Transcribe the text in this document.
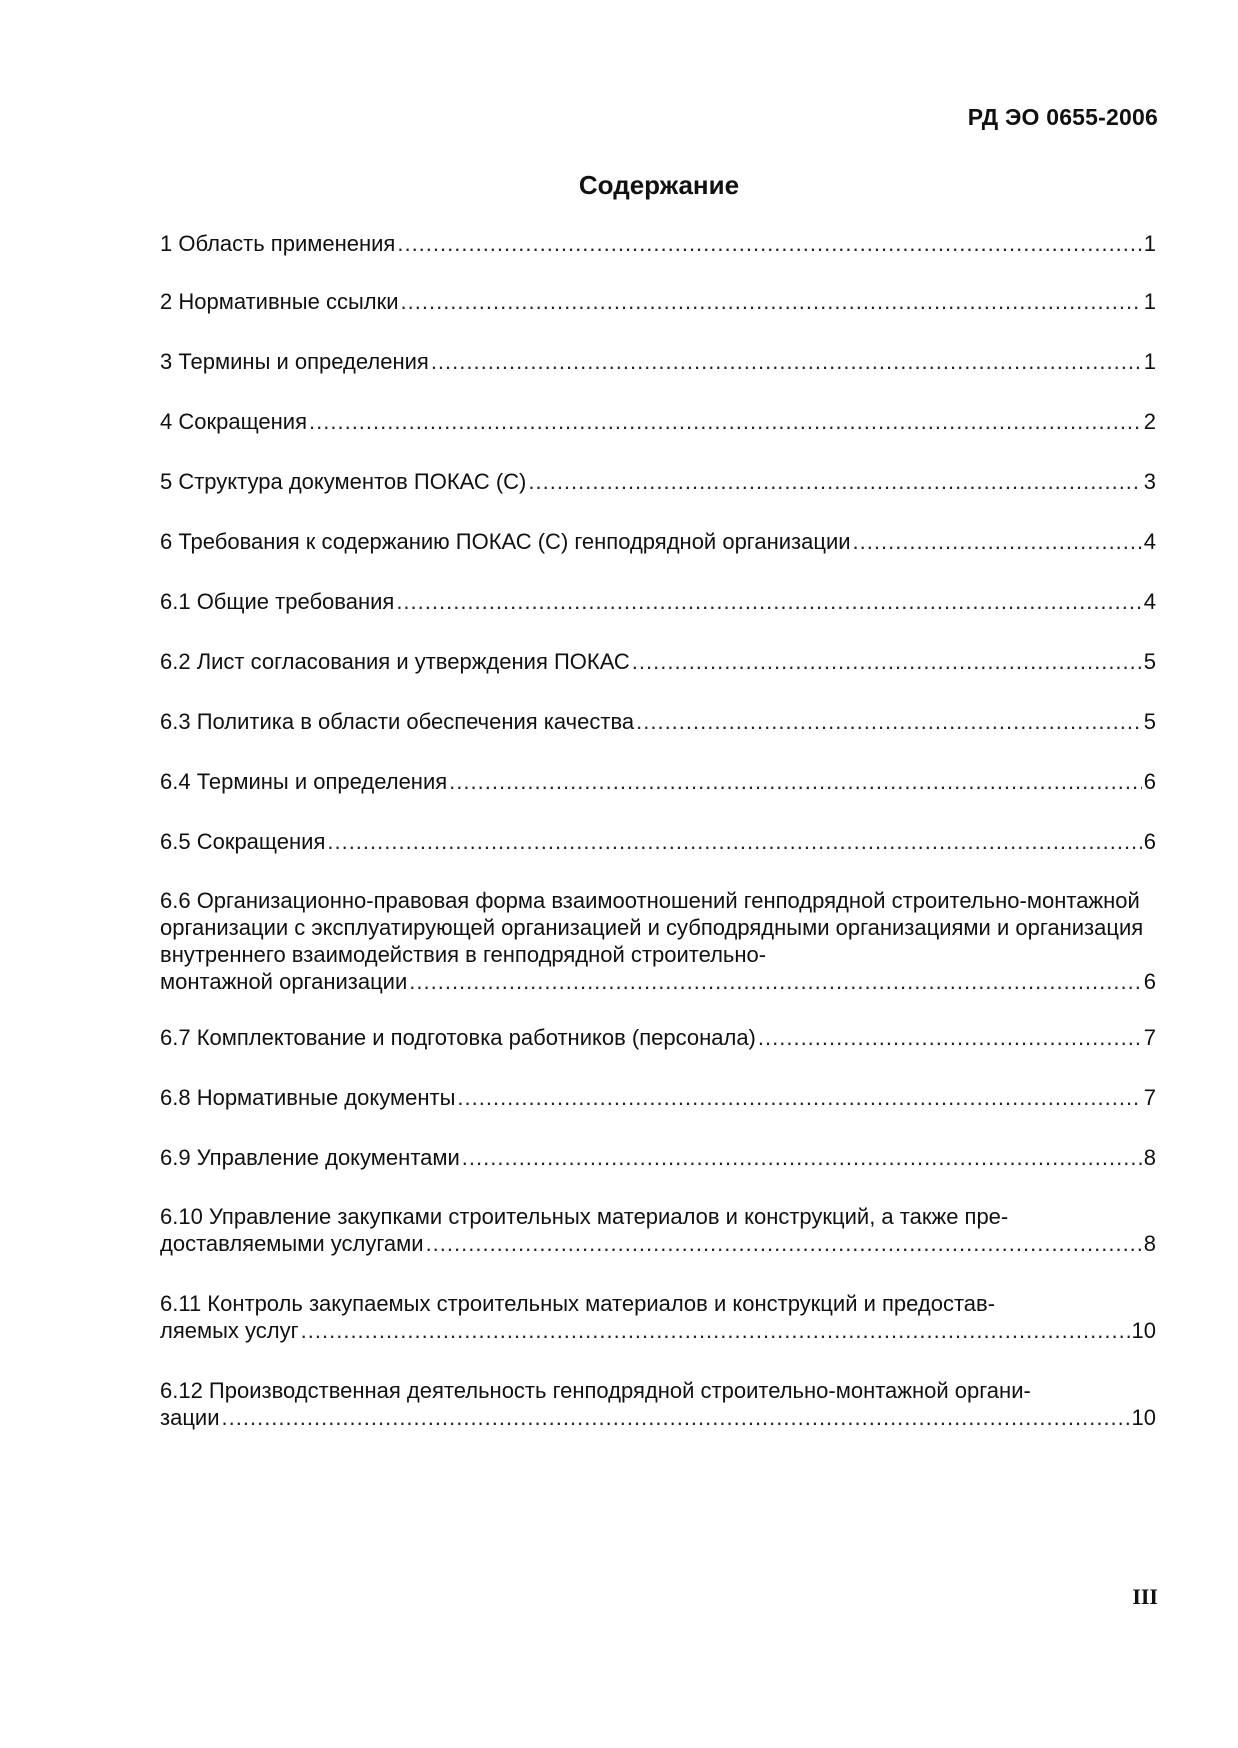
РД ЭО 0655-2006
Содержание
1 Область применения .....	1
2 Нормативные ссылки .....	1
3 Термины и определения .....	1
4 Сокращения .....	2
5 Структура документов ПОКАС (С) .....	3
6 Требования к содержанию ПОКАС (С) генподрядной организации .....	4
6.1 Общие требования .....	4
6.2 Лист согласования и утверждения ПОКАС .....	5
6.3 Политика в области обеспечения качества .....	5
6.4 Термины и определения .....	6
6.5 Сокращения .....	6
6.6 Организационно-правовая форма взаимоотношений генподрядной строительно-монтажной организации с эксплуатирующей организацией и субподрядными организациями и организация внутреннего взаимодействия в генподрядной строительно-
монтажной организации .....	6
6.7 Комплектование и подготовка работников (персонала) .....	7
6.8 Нормативные документы .....	7
6.9 Управление документами .....	8
6.10 Управление закупками строительных материалов и конструкций, а также пре-
доставляемыми услугами .....	8
6.11 Контроль закупаемых строительных материалов и конструкций и предостав-
ляемых услуг .....	10
6.12 Производственная деятельность генподрядной строительно-монтажной органи-
зации .....	10
III
